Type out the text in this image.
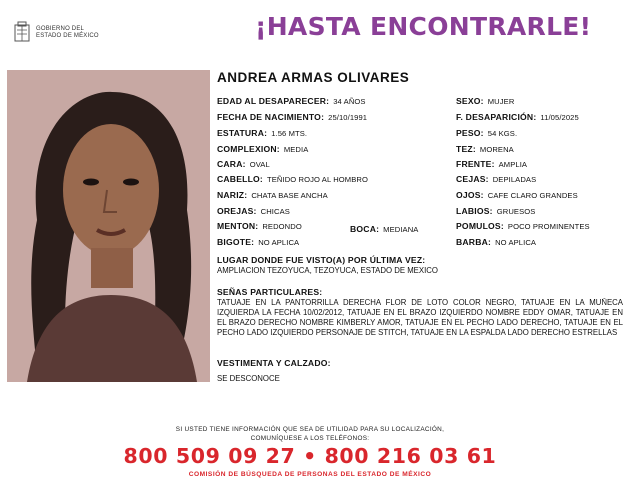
GOBIERNO DEL
ESTADO DE MÉXICO	¡HASTA ENCONTRARLE!
ANDREA ARMAS OLIVARES
EDAD AL DESAPARECER: 34 AÑOS
FECHA DE NACIMIENTO: 25/10/1991
ESTATURA: 1.56 MTS.
COMPLEXION: MEDIA
CARA: OVAL
CABELLO: TEÑIDO ROJO AL HOMBRO
NARIZ: CHATA BASE ANCHA
OREJAS: CHICAS
MENTON: REDONDO	BOCA: MEDIANA
BIGOTE: NO APLICA
SEXO: MUJER
F. DESAPARICIÓN: 11/05/2025
PESO: 54 KGS.
TEZ: MORENA
FRENTE: AMPLIA
CEJAS: DEPILADAS
OJOS: CAFE CLARO GRANDES
LABIOS: GRUESOS
POMULOS: POCO PROMINENTES
BARBA: NO APLICA
LUGAR DONDE FUE VISTO(A) POR ÚLTIMA VEZ:
AMPLIACION TEZOYUCA, TEZOYUCA, ESTADO DE MEXICO
SEÑAS PARTICULARES:
TATUAJE EN LA PANTORRILLA DERECHA FLOR DE LOTO COLOR NEGRO, TATUAJE EN LA MUÑECA IZQUIERDA LA FECHA 10/02/2012, TATUAJE EN EL BRAZO IZQUIERDO NOMBRE EDDY OMAR, TATUAJE EN EL BRAZO DERECHO NOMBRE KIMBERLY AMOR, TATUAJE EN EL PECHO LADO DERECHO, TATUAJE EN EL PECHO LADO IZQUIERDO PERSONAJE DE STITCH, TATUAJE EN LA ESPALDA LADO DERECHO ESTRELLAS
VESTIMENTA Y CALZADO:
SE DESCONOCE
SI USTED TIENE INFORMACIÓN QUE SEA DE UTILIDAD PARA SU LOCALIZACIÓN,
COMUNÍQUESE A LOS TELÉFONOS:
800 509 09 27 • 800 216 03 61
COMISIÓN DE BÚSQUEDA DE PERSONAS DEL ESTADO DE MÉXICO
